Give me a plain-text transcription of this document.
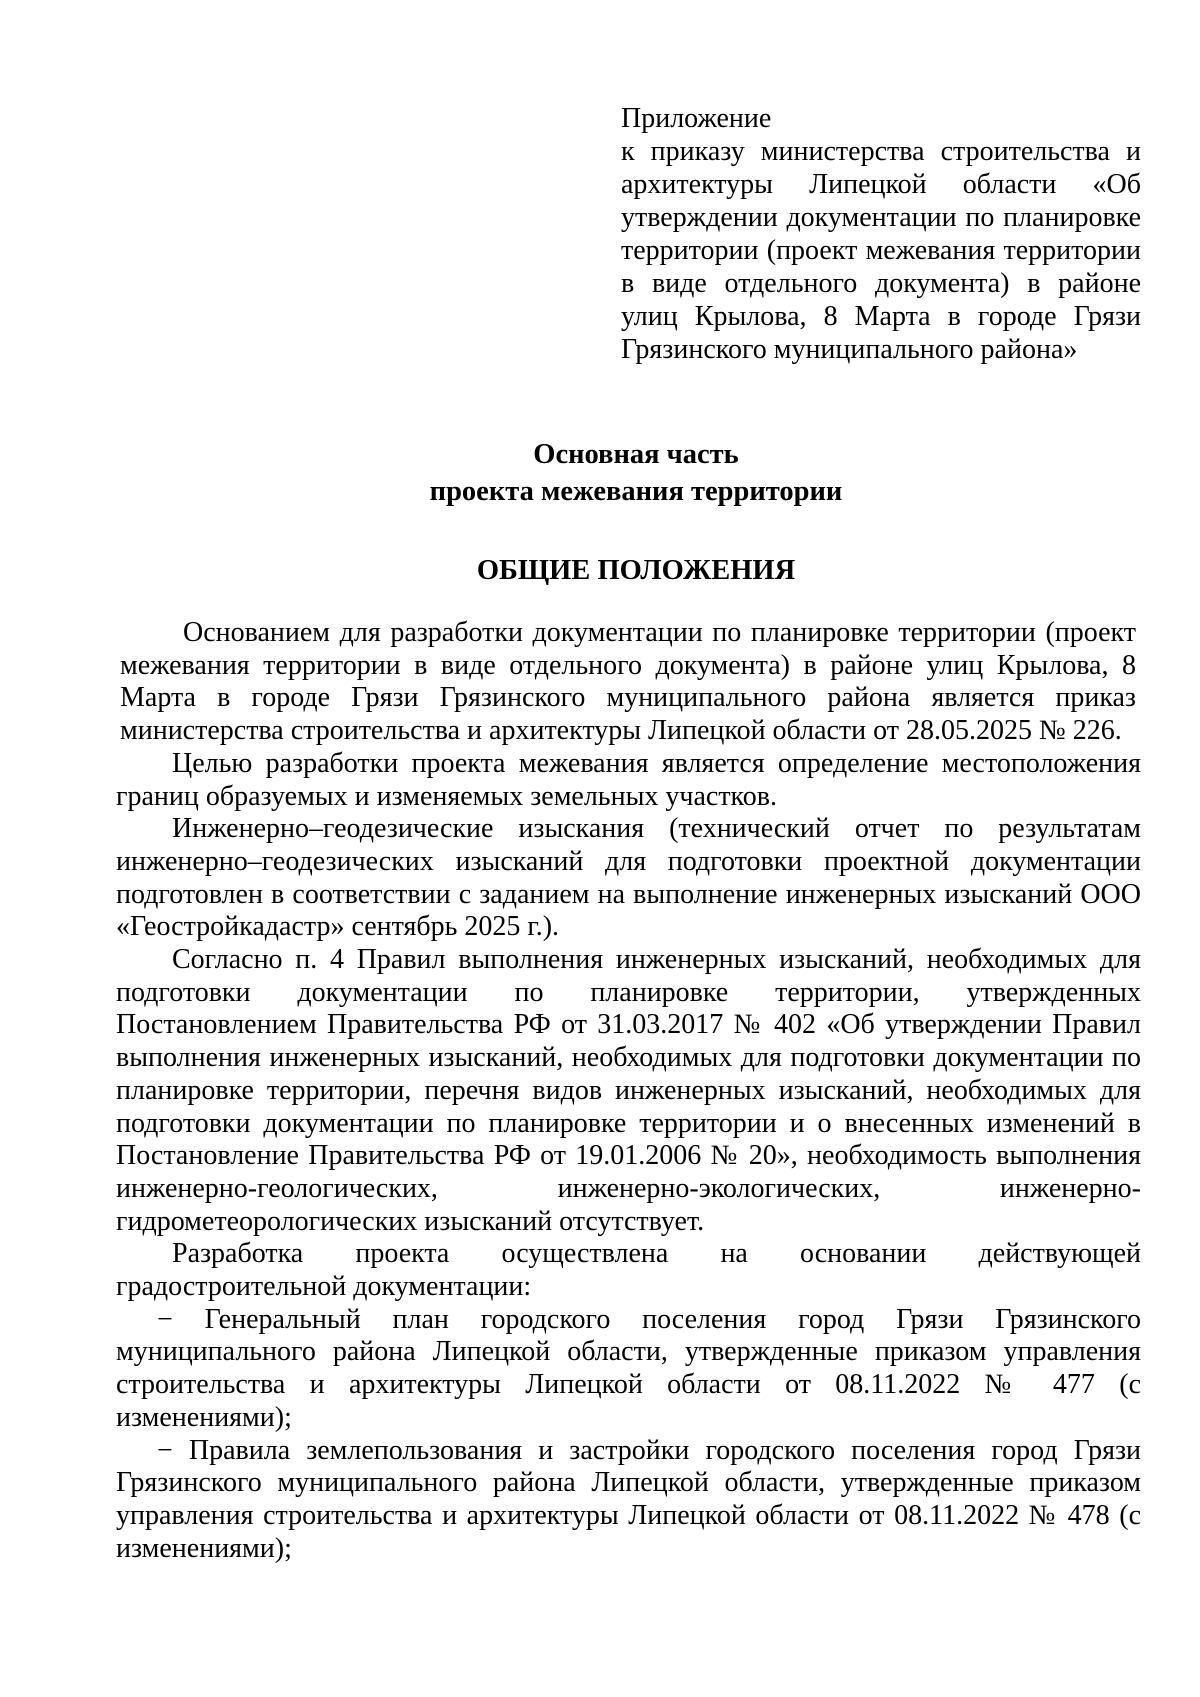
Приложение
к приказу министерства строительства и архитектуры Липецкой области «Об утверждении документации по планировке территории (проект межевания территории в виде отдельного документа) в районе улиц Крылова, 8 Марта в городе Грязи Грязинского муниципального района»
Основная часть
проекта межевания территории
ОБЩИЕ ПОЛОЖЕНИЯ

Основанием для разработки документации по планировке территории (проект межевания территории в виде отдельного документа) в районе улиц Крылова, 8 Марта в городе Грязи Грязинского муниципального района является приказ министерства строительства и архитектуры Липецкой области от 28.05.2025 № 226.

Целью разработки проекта межевания является определение местоположения границ образуемых и изменяемых земельных участков.

Инженерно–геодезические изыскания (технический отчет по результатам инженерно–геодезических изысканий для подготовки проектной документации подготовлен в соответствии с заданием на выполнение инженерных изысканий ООО «Геостройкадастр» сентябрь 2025 г.).

Согласно п. 4 Правил выполнения инженерных изысканий, необходимых для подготовки документации по планировке территории, утвержденных Постановлением Правительства РФ от 31.03.2017 № 402 «Об утверждении Правил выполнения инженерных изысканий, необходимых для подготовки документации по планировке территории, перечня видов инженерных изысканий, необходимых для подготовки документации по планировке территории и о внесенных изменений в Постановление Правительства РФ от 19.01.2006 № 20», необходимость выполнения инженерно-геологических, инженерно-экологических, инженерно-гидрометеорологических изысканий отсутствует.

Разработка проекта осуществлена на основании действующей градостроительной документации:

− Генеральный план городского поселения город Грязи Грязинского муниципального района Липецкой области, утвержденные приказом управления строительства и архитектуры Липецкой области от 08.11.2022 № 477 (с изменениями);

− Правила землепользования и застройки городского поселения город Грязи Грязинского муниципального района Липецкой области, утвержденные приказом управления строительства и архитектуры Липецкой области от 08.11.2022 № 478 (с изменениями);
